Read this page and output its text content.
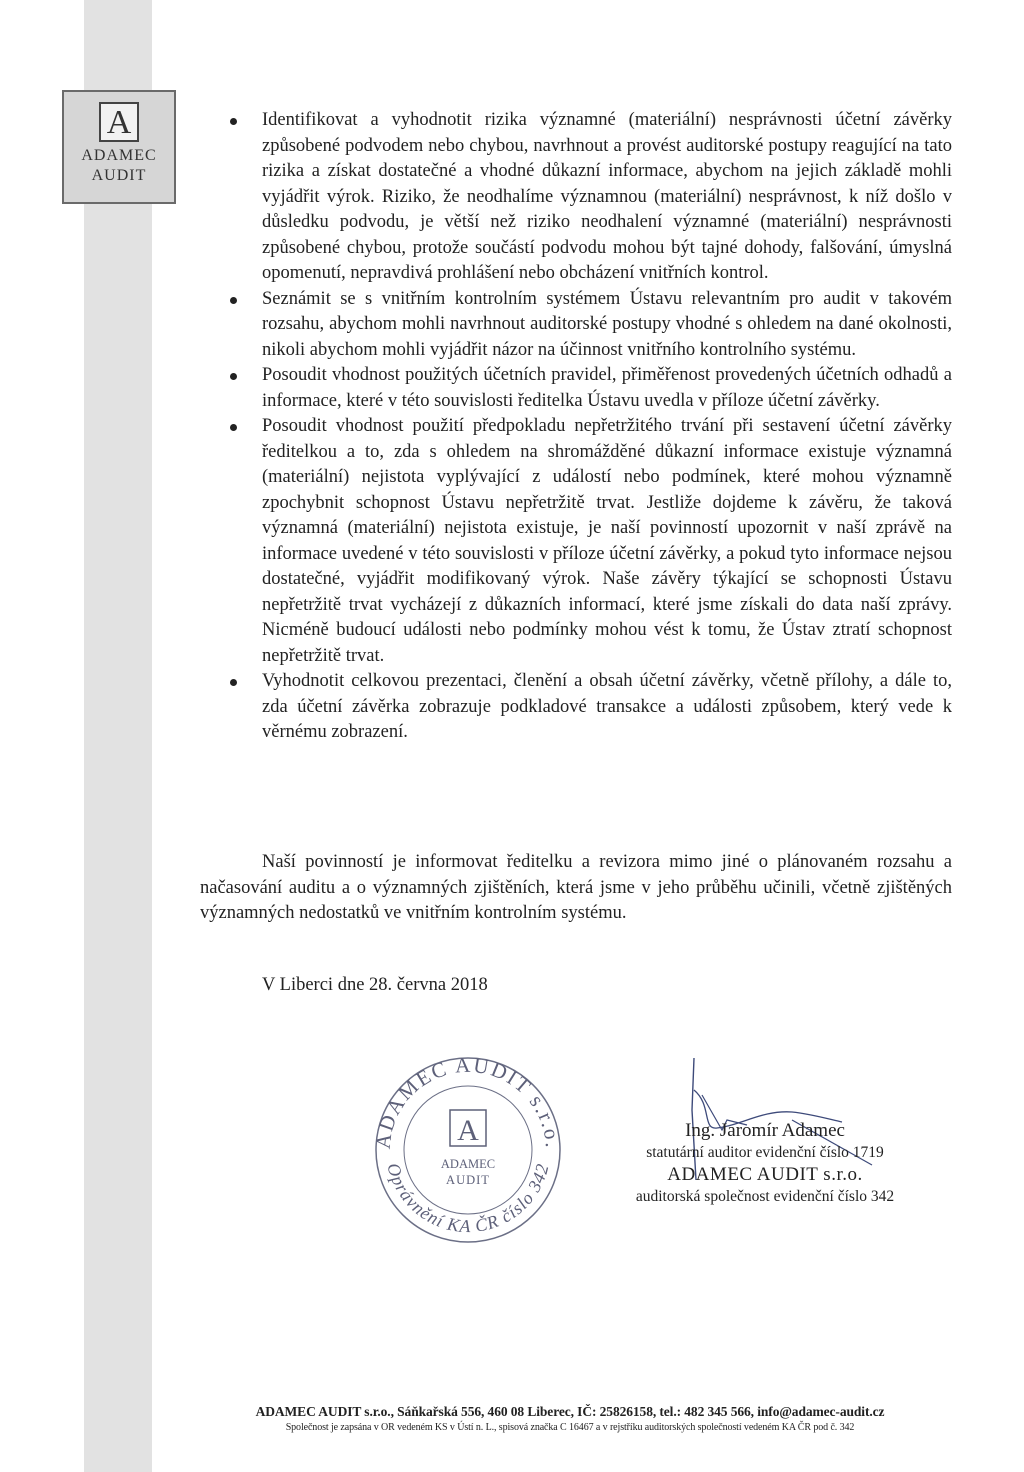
A
ADAMEC
AUDIT
Identifikovat a vyhodnotit rizika významné (materiální) nesprávnosti účetní závěrky způsobené podvodem nebo chybou, navrhnout a provést auditorské postupy reagující na tato rizika a získat dostatečné a vhodné důkazní informace, abychom na jejich základě mohli vyjádřit výrok. Riziko, že neodhalíme významnou (materiální) nesprávnost, k níž došlo v důsledku podvodu, je větší než riziko neodhalení významné (materiální) nesprávnosti způsobené chybou, protože součástí podvodu mohou být tajné dohody, falšování, úmyslná opomenutí, nepravdivá prohlášení nebo obcházení vnitřních kontrol.
Seznámit se s vnitřním kontrolním systémem Ústavu relevantním pro audit v takovém rozsahu, abychom mohli navrhnout auditorské postupy vhodné s ohledem na dané okolnosti, nikoli abychom mohli vyjádřit názor na účinnost vnitřního kontrolního systému.
Posoudit vhodnost použitých účetních pravidel, přiměřenost provedených účetních odhadů a informace, které v této souvislosti ředitelka Ústavu uvedla v příloze účetní závěrky.
Posoudit vhodnost použití předpokladu nepřetržitého trvání při sestavení účetní závěrky ředitelkou a to, zda s ohledem na shromážděné důkazní informace existuje významná (materiální) nejistota vyplývající z událostí nebo podmínek, které mohou významně zpochybnit schopnost Ústavu nepřetržitě trvat. Jestliže dojdeme k závěru, že taková významná (materiální) nejistota existuje, je naší povinností upozornit v naší zprávě na informace uvedené v této souvislosti v příloze účetní závěrky, a pokud tyto informace nejsou dostatečné, vyjádřit modifikovaný výrok. Naše závěry týkající se schopnosti Ústavu nepřetržitě trvat vycházejí z důkazních informací, které jsme získali do data naší zprávy. Nicméně budoucí události nebo podmínky mohou vést k tomu, že Ústav ztratí schopnost nepřetržitě trvat.
Vyhodnotit celkovou prezentaci, členění a obsah účetní závěrky, včetně přílohy, a dále to, zda účetní závěrka zobrazuje podkladové transakce a události způsobem, který vede k věrnému zobrazení.
Naší povinností je informovat ředitelku a revizora mimo jiné o plánovaném rozsahu a načasování auditu a o významných zjištěních, která jsme v jeho průběhu učinili, včetně zjištěných významných nedostatků ve vnitřním kontrolním systému.
V Liberci dne 28. června 2018
ADAMEC AUDIT s.r.o.
Oprávnění KA ČR číslo 342
A
ADAMEC
AUDIT
Ing. Jaromír Adamec
statutární auditor evidenční číslo 1719
ADAMEC AUDIT s.r.o.
auditorská společnost evidenční číslo 342
ADAMEC AUDIT s.r.o., Sáňkařská 556, 460 08 Liberec, IČ: 25826158, tel.: 482 345 566, info@adamec-audit.cz
Společnost je zapsána v OR vedeném KS v Ústí n. L., spisová značka C 16467 a v rejstříku auditorských společností vedeném KA ČR pod č. 342
